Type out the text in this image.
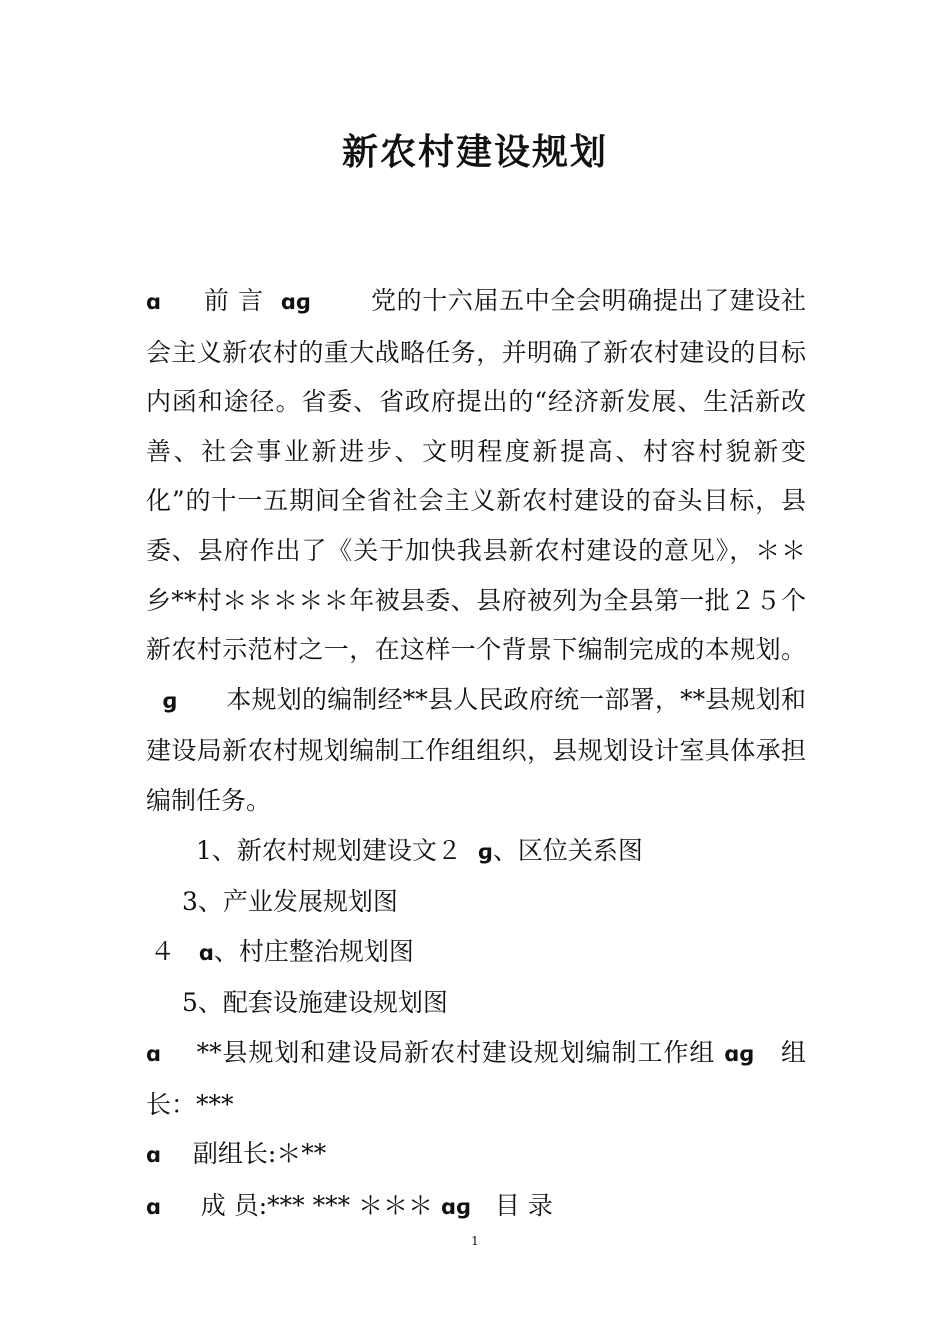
新农村建设规划
ɑ 前 言 ɑɡ 党的十六届五中全会明确提出了建设社会主义新农村的重大战略任务，并明确了新农村建设的目标内函和途径。省委、省政府提出的“经济新发展、生活新改善、社会事业新进步、文明程度新提高、村容村貌新变化”的十一五期间全省社会主义新农村建设的奋头目标，县委、县府作出了《关于加快我县新农村建设的意见》，＊＊乡**村＊＊＊＊＊年被县委、县府被列为全县第一批２５个新农村示范村之一，在这样一个背景下编制完成的本规划。  ɡ 本规划的编制经**县人民政府统一部署，**县规划和建设局新农村规划编制工作组组织，县规划设计室具体承担编制任务。
1、新农村规划建设文２ ɡ、区位关系图
3、产业发展规划图
４ ɑ、村庄整治规划图
5、配套设施建设规划图
ɑ **县规划和建设局新农村建设规划编制工作组 ɑɡ 组长：***
ɑ 副组长:＊**
ɑ 成 员:*** *** ＊＊＊ ɑɡ 目 录
1
